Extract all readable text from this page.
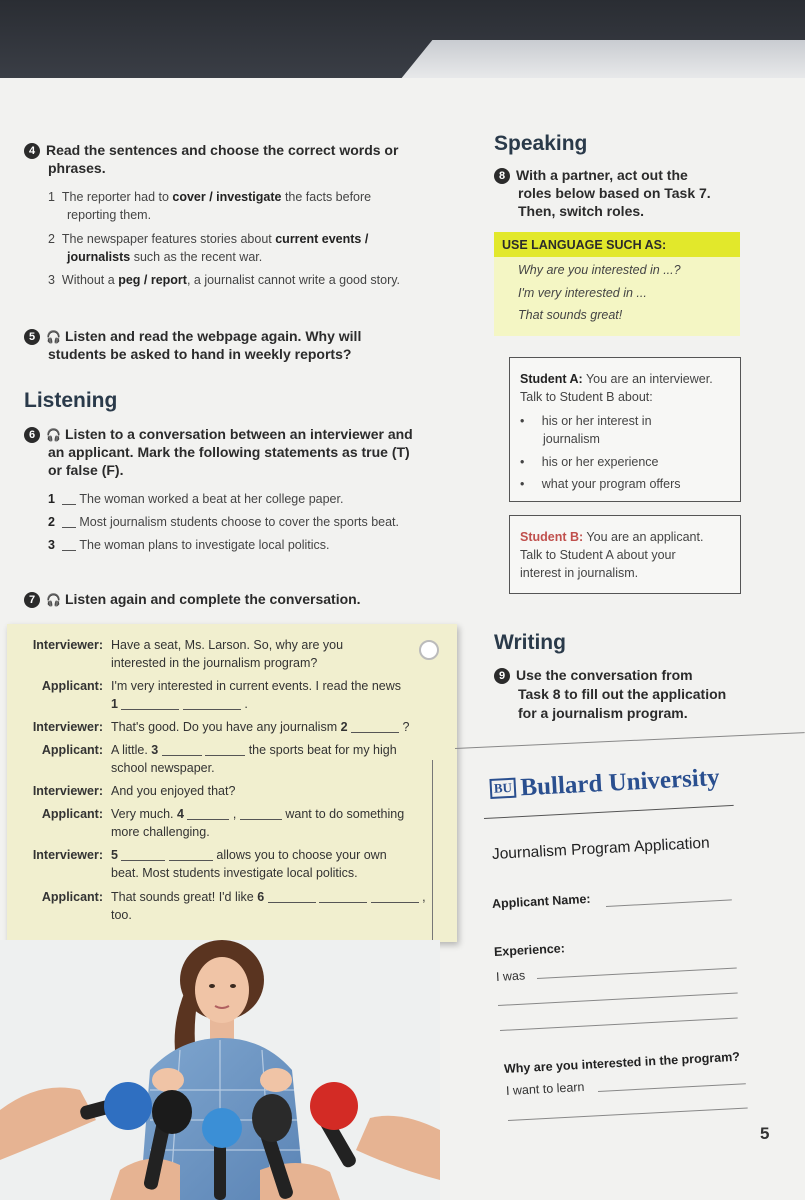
4 Read the sentences and choose the correct words or
phrases.
1 The reporter had to cover / investigate the facts before
reporting them.
2 The newspaper features stories about current events /
journalists such as the recent war.
3 Without a peg / report, a journalist cannot write a good story.
5 🎧 Listen and read the webpage again. Why will
students be asked to hand in weekly reports?
Listening
6 🎧 Listen to a conversation between an interviewer and
an applicant. Mark the following statements as true (T)
or false (F).
1 The woman worked a beat at her college paper.
2 Most journalism students choose to cover the sports beat.
3 The woman plans to investigate local politics.
7 🎧 Listen again and complete the conversation.
Interviewer: Have a seat, Ms. Larson. So, why are you
interested in the journalism program?
Applicant: I'm very interested in current events. I read the news
1	.
Interviewer: That's good. Do you have any journalism 2	?
Applicant: A little. 3	the sports beat for my high
school newspaper.
Interviewer: And you enjoyed that?
Applicant: Very much. 4	,	want to do something
more challenging.
Interviewer: 5	allows you to choose your own
beat. Most students investigate local politics.
Applicant: That sounds great! I'd like 6	,
too.
Speaking
8 With a partner, act out the
roles below based on Task 7.
Then, switch roles.
USE LANGUAGE SUCH AS:
Why are you interested in ...?
I'm very interested in ...
That sounds great!
Student A: You are an interviewer.
Talk to Student B about:
• his or her interest in
journalism
• his or her experience
• what your program offers
Student B: You are an applicant.
Talk to Student A about your
interest in journalism.
Writing
9 Use the conversation from
Task 8 to fill out the application
for a journalism program.
BU Bullard University
Journalism Program Application
Applicant Name:
Experience:
I was
Why are you interested in the program?
I want to learn
5
